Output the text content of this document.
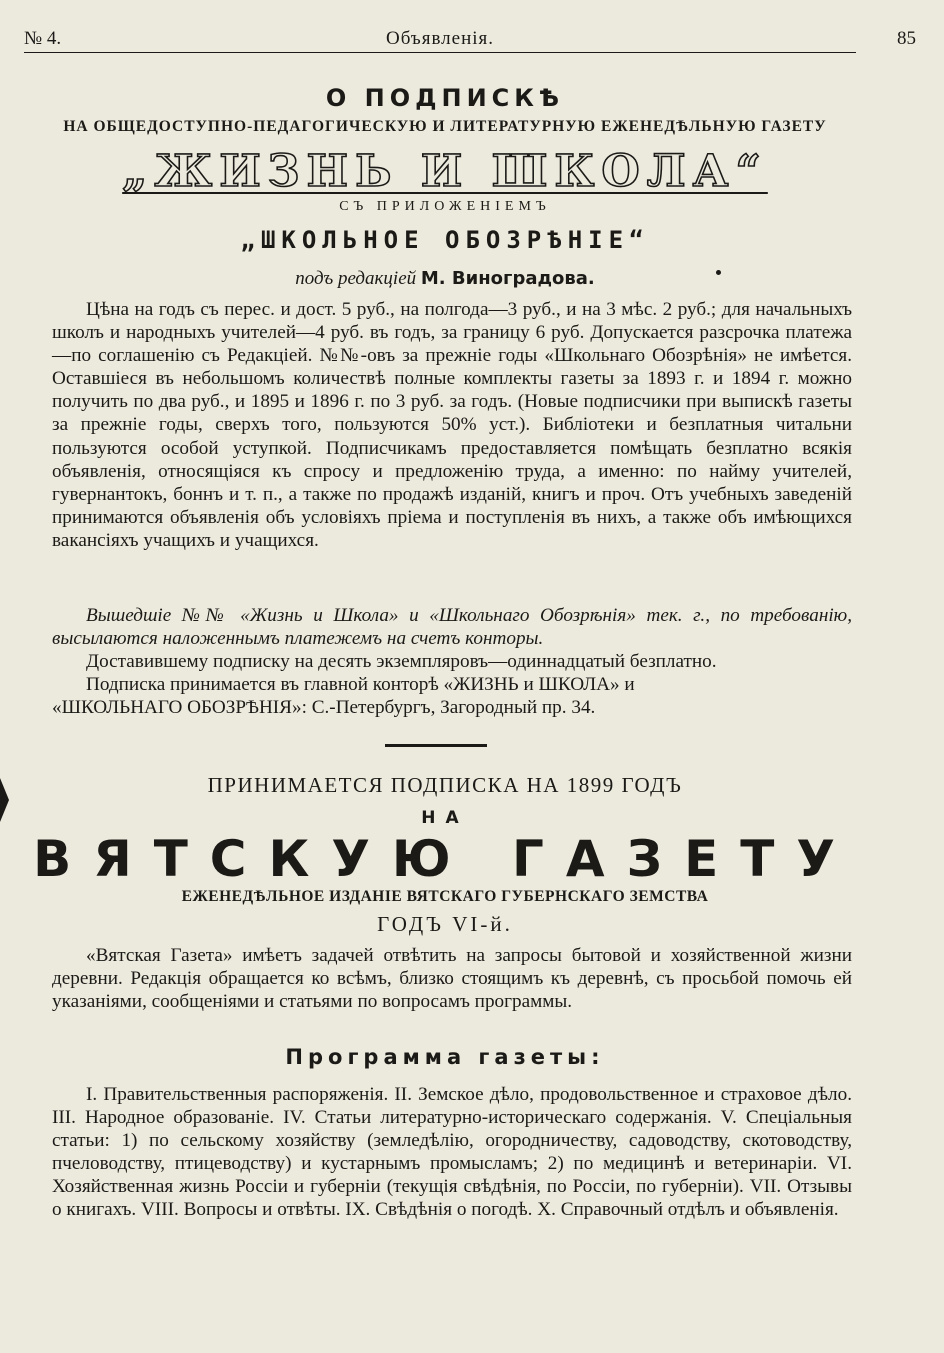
№ 4.	Объявленія.	85
О ПОДПИСКѢ
НА ОБЩЕДОСТУПНО-ПЕДАГОГИЧЕСКУЮ И ЛИТЕРАТУРНУЮ ЕЖЕНЕДѢЛЬНУЮ ГАЗЕТУ
„ЖИЗНЬ И ШКОЛА“
СЪ ПРИЛОЖЕНІЕМЪ
„ШКОЛЬНОЕ ОБОЗРѢНІЕ“
подъ редакціей М. Виноградова.

Цѣна на годъ съ перес. и дост. 5 руб., на полгода—3 руб., и на 3 мѣс. 2 руб.; для начальныхъ школъ и народныхъ учителей—4 руб. въ годъ, за границу 6 руб. Допускается разсрочка платежа—по соглашенію съ Редакціей. №№-овъ за прежніе годы «Школьнаго Обозрѣнія» не имѣется. Оставшіеся въ небольшомъ количествѣ полные комплекты газеты за 1893 г. и 1894 г. можно получить по два руб., и 1895 и 1896 г. по 3 руб. за годъ. (Новые подписчики при выпискѣ газеты за прежніе годы, сверхъ того, пользуются 50% уст.). Библіотеки и безплатныя читальни пользуются особой уступкой. Подписчикамъ предоставляется помѣщать безплатно всякія объявленія, относящіяся къ спросу и предложенію труда, а именно: по найму учителей, гувернантокъ, боннъ и т. п., а также по продажѣ изданій, книгъ и проч. Отъ учебныхъ заведеній принимаются объявленія объ условіяхъ пріема и поступленія въ нихъ, а также объ имѣющихся вакансіяхъ учащихъ и учащихся.

Вышедшіе №№ «Жизнь и Школа» и «Школьнаго Обозрѣнія» тек. г., по требованію, высылаются наложеннымъ платежемъ на счетъ конторы.

Доставившему подписку на десять экземпляровъ—одиннадцатый безплатно.

Подписка принимается въ главной конторѣ «ЖИЗНЬ и ШКОЛА» и
«ШКОЛЬНАГО ОБОЗРѢНІЯ»: С.-Петербургъ, Загородный пр. 34.

ПРИНИМАЕТСЯ ПОДПИСКА НА 1899 ГОДЪ
НА
ВЯТСКУЮ ГАЗЕТУ
ЕЖЕНЕДѢЛЬНОЕ ИЗДАНІЕ ВЯТСКАГО ГУБЕРНСКАГО ЗЕМСТВА
ГОДЪ VI-й.

«Вятская Газета» имѣетъ задачей отвѣтить на запросы бытовой и хозяйственной жизни деревни. Редакція обращается ко всѣмъ, близко стоящимъ къ деревнѣ, съ просьбой помочь ей указаніями, сообщеніями и статьями по вопросамъ программы.

Программа газеты:

I. Правительственныя распоряженія. II. Земское дѣло, продовольственное и страховое дѣло. III. Народное образованіе. IV. Статьи литературно-историческаго содержанія. V. Спеціальныя статьи: 1) по сельскому хозяйству (земледѣлію, огородничеству, садоводству, скотоводству, пчеловодству, птицеводству) и кустарнымъ промысламъ; 2) по медицинѣ и ветеринаріи. VI. Хозяйственная жизнь Россіи и губерніи (текущія свѣдѣнія, по Россіи, по губерніи). VII. Отзывы о книгахъ. VIII. Вопросы и отвѣты. IX. Свѣдѣнія о погодѣ. X. Справочный отдѣлъ и объявленія.
